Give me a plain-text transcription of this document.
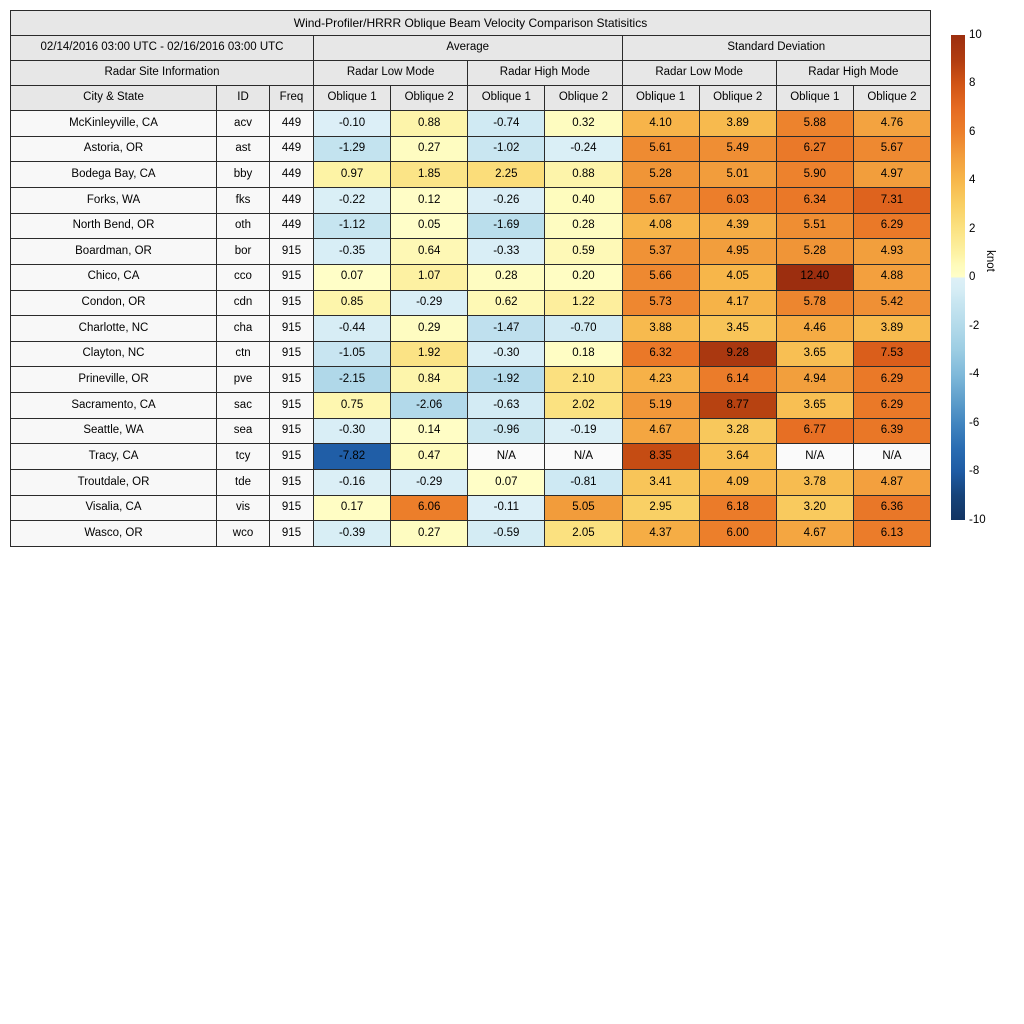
Wind-Profiler/HRRR Oblique Beam Velocity Comparison Statisitics
02/14/2016 03:00 UTC - 02/16/2016 03:00 UTC	Average	Standard Deviation
Radar Site Information	Radar Low Mode	Radar High Mode	Radar Low Mode	Radar High Mode
City & State	ID	Freq	Oblique 1	Oblique 2	Oblique 1	Oblique 2	Oblique 1	Oblique 2	Oblique 1	Oblique 2
McKinleyville, CA	acv	449	-0.10	0.88	-0.74	0.32	4.10	3.89	5.88	4.76
Astoria, OR	ast	449	-1.29	0.27	-1.02	-0.24	5.61	5.49	6.27	5.67
Bodega Bay, CA	bby	449	0.97	1.85	2.25	0.88	5.28	5.01	5.90	4.97
Forks, WA	fks	449	-0.22	0.12	-0.26	0.40	5.67	6.03	6.34	7.31
North Bend, OR	oth	449	-1.12	0.05	-1.69	0.28	4.08	4.39	5.51	6.29
Boardman, OR	bor	915	-0.35	0.64	-0.33	0.59	5.37	4.95	5.28	4.93
Chico, CA	cco	915	0.07	1.07	0.28	0.20	5.66	4.05	12.40	4.88
Condon, OR	cdn	915	0.85	-0.29	0.62	1.22	5.73	4.17	5.78	5.42
Charlotte, NC	cha	915	-0.44	0.29	-1.47	-0.70	3.88	3.45	4.46	3.89
Clayton, NC	ctn	915	-1.05	1.92	-0.30	0.18	6.32	9.28	3.65	7.53
Prineville, OR	pve	915	-2.15	0.84	-1.92	2.10	4.23	6.14	4.94	6.29
Sacramento, CA	sac	915	0.75	-2.06	-0.63	2.02	5.19	8.77	3.65	6.29
Seattle, WA	sea	915	-0.30	0.14	-0.96	-0.19	4.67	3.28	6.77	6.39
Tracy, CA	tcy	915	-7.82	0.47	N/A	N/A	8.35	3.64	N/A	N/A
Troutdale, OR	tde	915	-0.16	-0.29	0.07	-0.81	3.41	4.09	3.78	4.87
Visalia, CA	vis	915	0.17	6.06	-0.11	5.05	2.95	6.18	3.20	6.36
Wasco, OR	wco	915	-0.39	0.27	-0.59	2.05	4.37	6.00	4.67	6.13
10
8
6
4
2
0
-2
-4
-6
-8
-10
knot
